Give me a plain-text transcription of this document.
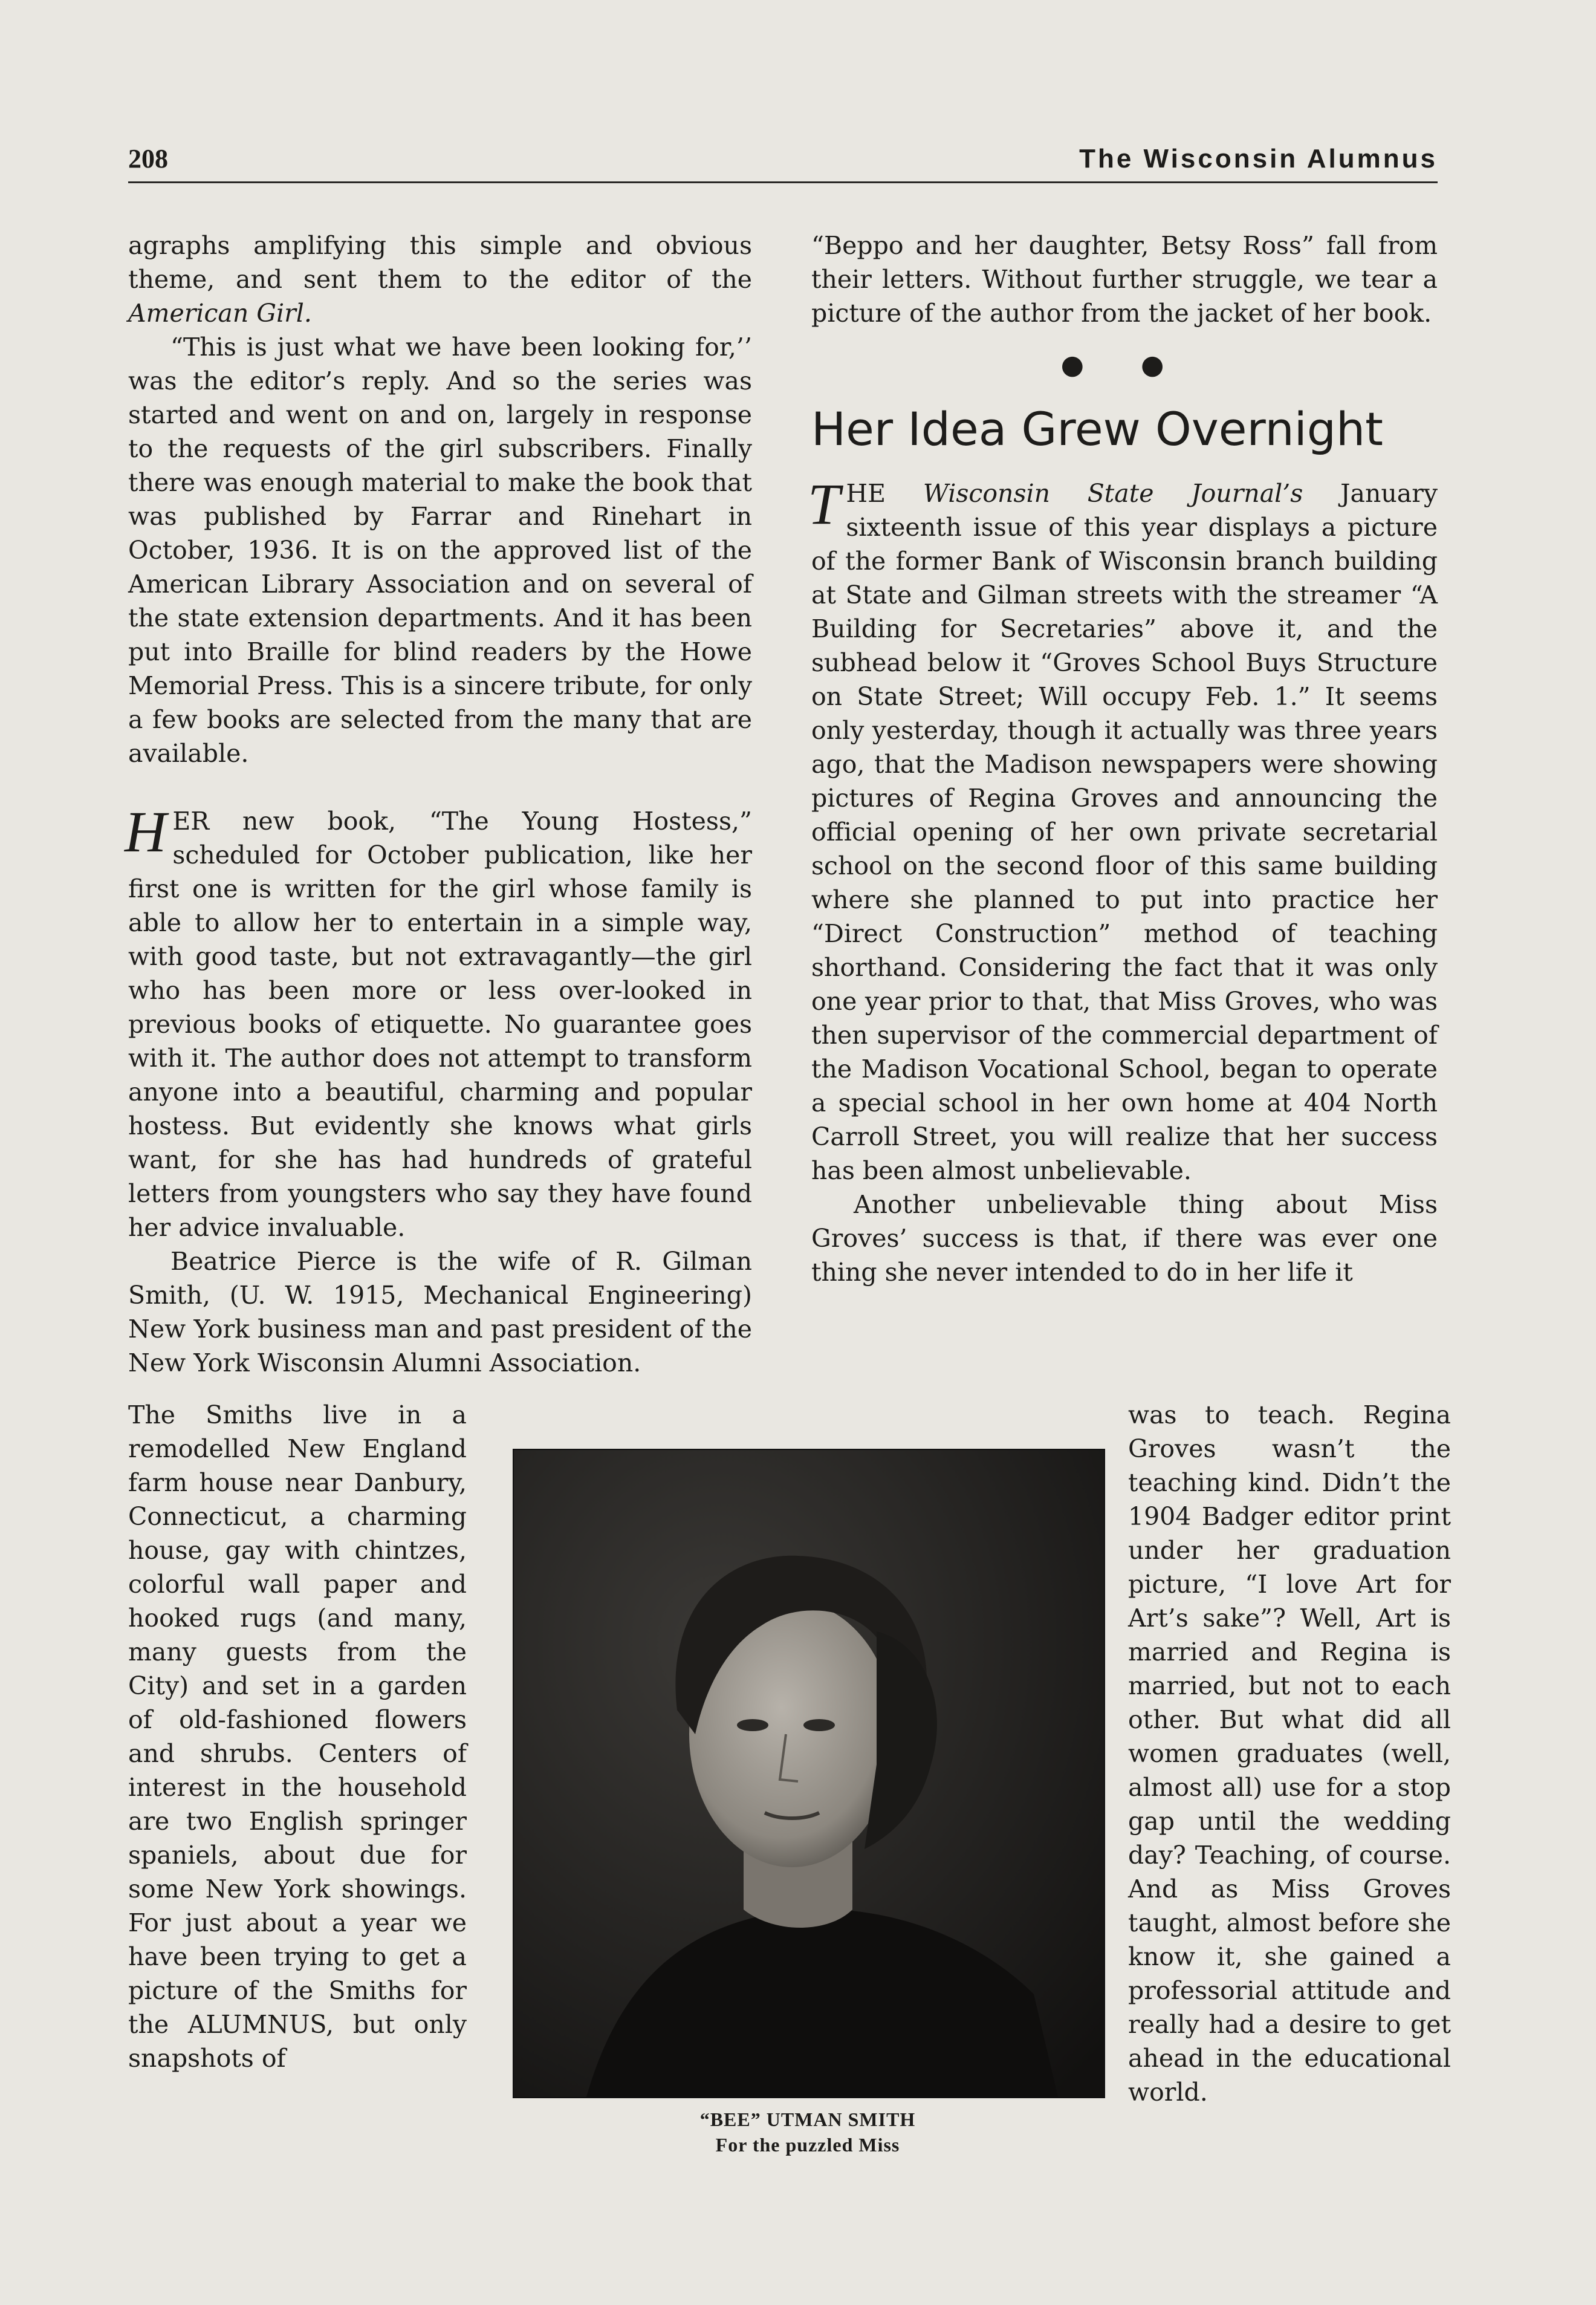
208	The Wisconsin Alumnus

agraphs amplifying this simple and obvious theme, and sent them to the editor of the American Girl.

“This is just what we have been looking for,’’ was the editor’s reply. And so the series was started and went on and on, largely in response to the requests of the girl subscribers. Finally there was enough material to make the book that was published by Farrar and Rinehart in October, 1936. It is on the approved list of the American Library Association and on several of the state extension departments. And it has been put into Braille for blind readers by the Howe Memorial Press. This is a sincere tribute, for only a few books are selected from the many that are available.

HER new book, “The Young Hostess,” scheduled for October publication, like her first one is written for the girl whose family is able to allow her to entertain in a simple way, with good taste, but not extravagantly—the girl who has been more or less over-looked in previous books of etiquette. No guarantee goes with it. The author does not attempt to transform anyone into a beautiful, charming and popular hostess. But evidently she knows what girls want, for she has had hundreds of grateful letters from youngsters who say they have found her advice invaluable.

Beatrice Pierce is the wife of R. Gilman Smith, (U. W. 1915, Mechanical Engineering) New York business man and past president of the New York Wisconsin Alumni Association.

The Smiths live in a remodelled New England farm house near Danbury, Connecticut, a charming house, gay with chintzes, colorful wall paper and hooked rugs (and many, many guests from the City) and set in a garden of old-fashioned flowers and shrubs. Centers of interest in the household are two English springer spaniels, about due for some New York showings. For just about a year we have been trying to get a picture of the Smiths for the ALUMNUS, but only snapshots of

“Beppo and her daughter, Betsy Ross” fall from their letters. Without further struggle, we tear a picture of the author from the jacket of her book.

● ●

Her Idea Grew Overnight

THE Wisconsin State Journal’s January sixteenth issue of this year displays a picture of the former Bank of Wisconsin branch building at State and Gilman streets with the streamer “A Building for Secretaries” above it, and the subhead below it “Groves School Buys Structure on State Street; Will occupy Feb. 1.” It seems only yesterday, though it actually was three years ago, that the Madison newspapers were showing pictures of Regina Groves and announcing the official opening of her own private secretarial school on the second floor of this same building where she planned to put into practice her “Direct Construction” method of teaching shorthand. Considering the fact that it was only one year prior to that, that Miss Groves, who was then supervisor of the commercial department of the Madison Vocational School, began to operate a special school in her own home at 404 North Carroll Street, you will realize that her success has been almost unbelievable.

Another unbelievable thing about Miss Groves’ success is that, if there was ever one thing she never intended to do in her life it

was to teach. Regina Groves wasn’t the teaching kind. Didn’t the 1904 Badger editor print under her graduation picture, “I love Art for Art’s sake”? Well, Art is married and Regina is married, but not to each other. But what did all women graduates (well, almost all) use for a stop gap until the wedding day? Teaching, of course. And as Miss Groves taught, almost before she know it, she gained a professorial attitude and really had a desire to get ahead in the educational world.

“BEE” UTMAN SMITH
For the puzzled Miss
